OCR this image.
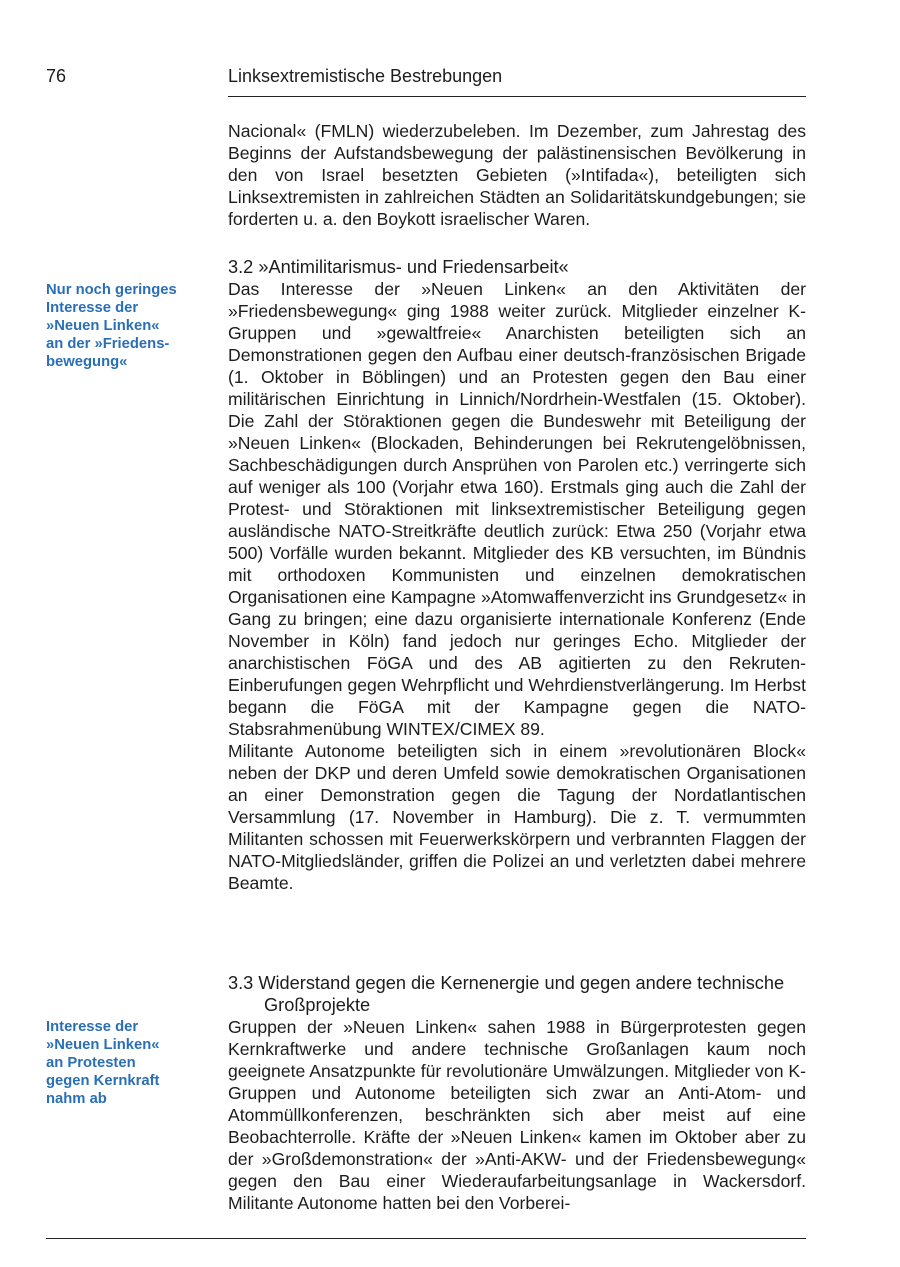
76	Linksextremistische Bestrebungen

Nacional« (FMLN) wiederzubeleben. Im Dezember, zum Jahrestag des Beginns der Aufstandsbewegung der palästinensischen Bevölkerung in den von Israel besetzten Gebieten (»Intifada«), beteiligten sich Linksextremisten in zahlreichen Städten an Solidaritätskundgebungen; sie forderten u. a. den Boykott israelischer Waren.

Nur noch geringes
Interesse der
»Neuen Linken«
an der »Friedens-
bewegung«
3.2 »Antimilitarismus- und Friedensarbeit«

Das Interesse der »Neuen Linken« an den Aktivitäten der »Friedensbewegung« ging 1988 weiter zurück. Mitglieder einzelner K-Gruppen und »gewaltfreie« Anarchisten beteiligten sich an Demonstrationen gegen den Aufbau einer deutsch-französischen Brigade (1. Oktober in Böblingen) und an Protesten gegen den Bau einer militärischen Einrichtung in Linnich/Nordrhein-Westfalen (15. Oktober). Die Zahl der Störaktionen gegen die Bundeswehr mit Beteiligung der »Neuen Linken« (Blockaden, Behinderungen bei Rekrutengelöbnissen, Sachbeschädigungen durch Ansprühen von Parolen etc.) verringerte sich auf weniger als 100 (Vorjahr etwa 160). Erstmals ging auch die Zahl der Protest- und Störaktionen mit linksextremistischer Beteiligung gegen ausländische NATO-Streitkräfte deutlich zurück: Etwa 250 (Vorjahr etwa 500) Vorfälle wurden bekannt. Mitglieder des KB versuchten, im Bündnis mit orthodoxen Kommunisten und einzelnen demokratischen Organisationen eine Kampagne »Atomwaffenverzicht ins Grundgesetz« in Gang zu bringen; eine dazu organisierte internationale Konferenz (Ende November in Köln) fand jedoch nur geringes Echo. Mitglieder der anarchistischen FöGA und des AB agitierten zu den Rekruten-Einberufungen gegen Wehrpflicht und Wehrdienstverlängerung. Im Herbst begann die FöGA mit der Kampagne gegen die NATO-Stabsrahmenübung WINTEX/CIMEX 89.

Militante Autonome beteiligten sich in einem »revolutionären Block« neben der DKP und deren Umfeld sowie demokratischen Organisationen an einer Demonstration gegen die Tagung der Nordatlantischen Versammlung (17. November in Hamburg). Die z. T. vermummten Militanten schossen mit Feuerwerkskörpern und verbrannten Flaggen der NATO-Mitgliedsländer, griffen die Polizei an und verletzten dabei mehrere Beamte.

Interesse der
»Neuen Linken«
an Protesten
gegen Kernkraft
nahm ab
3.3 Widerstand gegen die Kernenergie und gegen andere technische Großprojekte

Gruppen der »Neuen Linken« sahen 1988 in Bürgerprotesten gegen Kernkraftwerke und andere technische Großanlagen kaum noch geeignete Ansatzpunkte für revolutionäre Umwälzungen. Mitglieder von K-Gruppen und Autonome beteiligten sich zwar an Anti-Atom- und Atommüllkonferenzen, beschränkten sich aber meist auf eine Beobachterrolle. Kräfte der »Neuen Linken« kamen im Oktober aber zu der »Großdemonstration« der »Anti-AKW- und der Friedensbewegung« gegen den Bau einer Wiederaufarbeitungsanlage in Wackersdorf. Militante Autonome hatten bei den Vorberei-
